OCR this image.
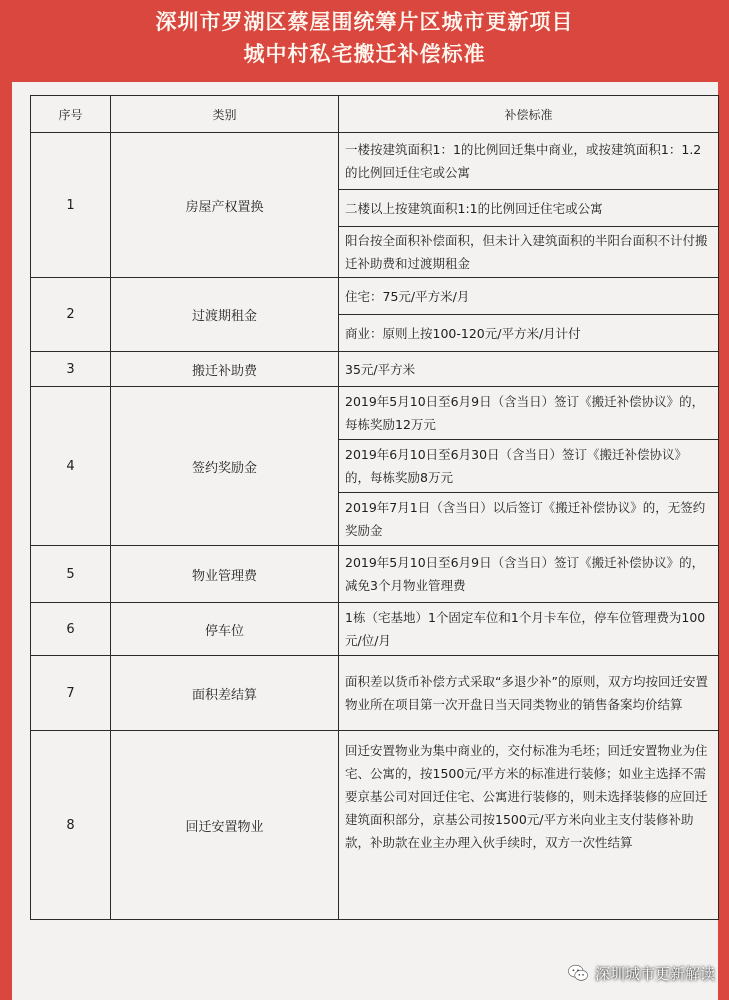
深圳市罗湖区蔡屋围统筹片区城市更新项目
城中村私宅搬迁补偿标准
序号	类别	补偿标准
1	房屋产权置换	一楼按建筑面积1：1的比例回迁集中商业，或按建筑面积1：1.2的比例回迁住宅或公寓
		二楼以上按建筑面积1:1的比例回迁住宅或公寓
		阳台按全面积补偿面积，但未计入建筑面积的半阳台面积不计付搬迁补助费和过渡期租金
2	过渡期租金	住宅：75元/平方米/月
		商业：原则上按100-120元/平方米/月计付
3	搬迁补助费	35元/平方米
4	签约奖励金	2019年5月10日至6月9日（含当日）签订《搬迁补偿协议》的，每栋奖励12万元
		2019年6月10日至6月30日（含当日）签订《搬迁补偿协议》的，每栋奖励8万元
		2019年7月1日（含当日）以后签订《搬迁补偿协议》的，无签约奖励金
5	物业管理费	2019年5月10日至6月9日（含当日）签订《搬迁补偿协议》的，减免3个月物业管理费
6	停车位	1栋（宅基地）1个固定车位和1个月卡车位，停车位管理费为100元/位/月
7	面积差结算	面积差以货币补偿方式采取“多退少补”的原则，双方均按回迁安置物业所在项目第一次开盘日当天同类物业的销售备案均价结算
8	回迁安置物业	回迁安置物业为集中商业的，交付标准为毛坯；回迁安置物业为住宅、公寓的，按1500元/平方米的标准进行装修；如业主选择不需要京基公司对回迁住宅、公寓进行装修的，则未选择装修的应回迁建筑面积部分，京基公司按1500元/平方米向业主支付装修补助款，补助款在业主办理入伙手续时，双方一次性结算
深圳城市更新解读
